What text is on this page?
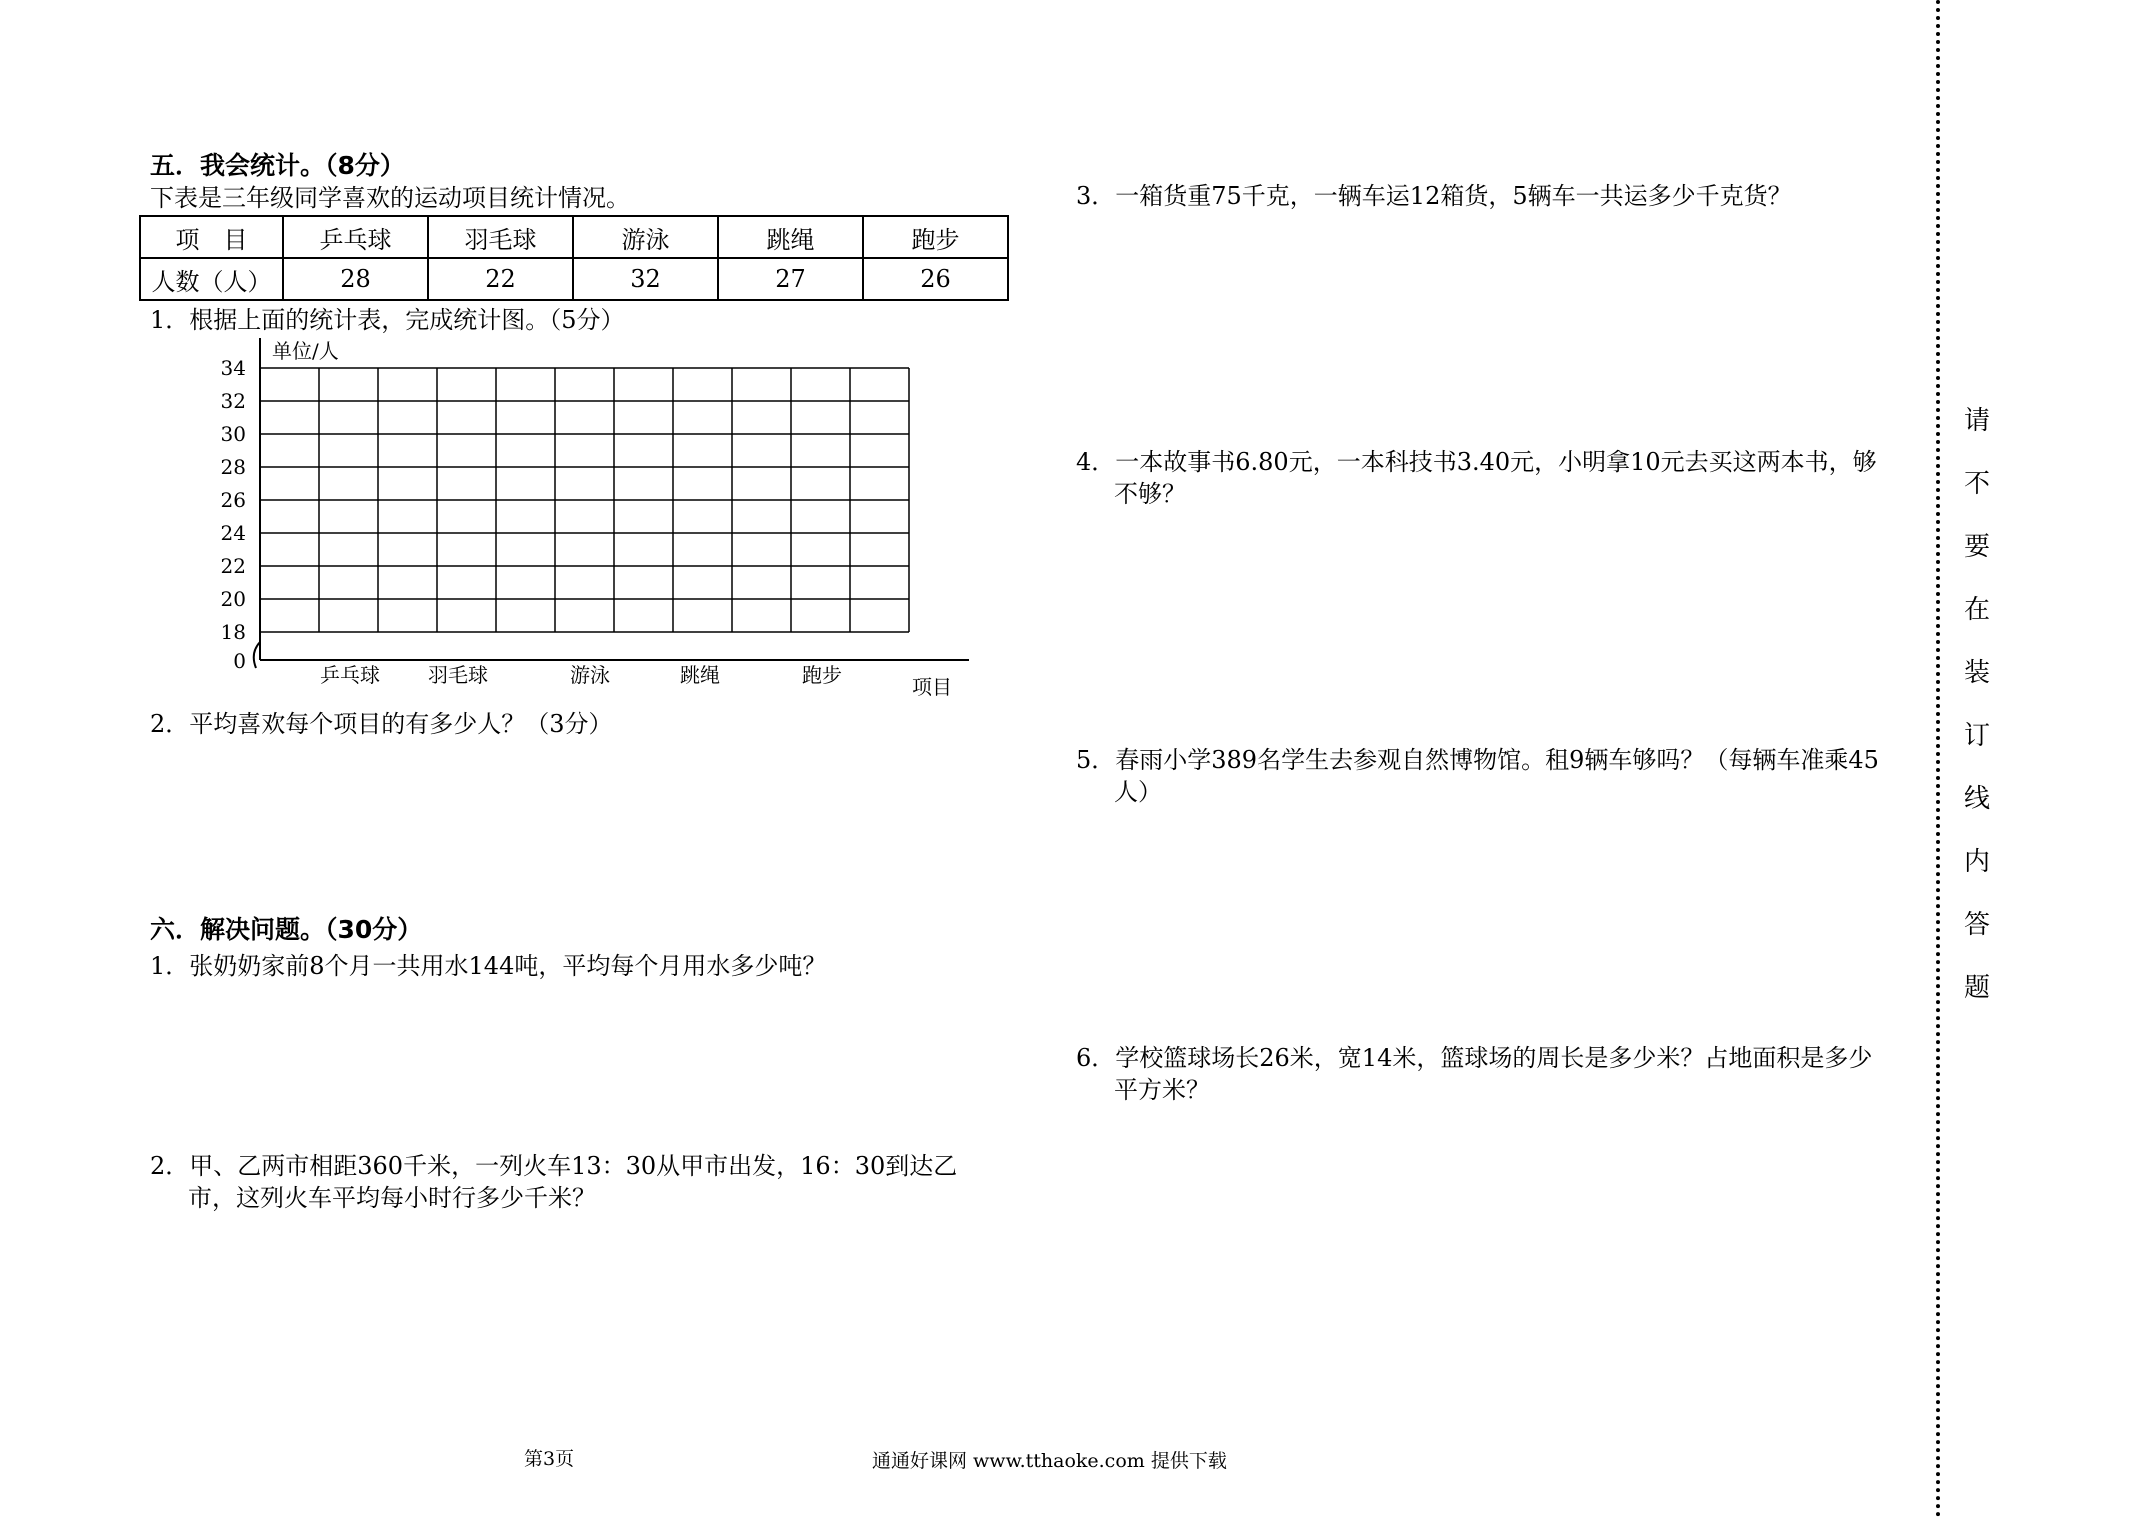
五．我会统计。（8分）
下表是三年级同学喜欢的运动项目统计情况。
项　目	乒乓球	羽毛球	游泳	跳绳	跑步
人数（人）	28	22	32	27	26
1．根据上面的统计表，完成统计图。（5分）
0
18
20
22
24
26
28
30
32
34
乒乓球 羽毛球	游泳	跳绳	跑步
单位/人
项目
2．平均喜欢每个项目的有多少人？（3分）
六．解决问题。（30分）
1．张奶奶家前8个月一共用水144吨，平均每个月用水多少吨？
2．甲、乙两市相距360千米，一列火车13：30从甲市出发，16：30到达乙
市，这列火车平均每小时行多少千米？
3．一箱货重75千克，一辆车运12箱货，5辆车一共运多少千克货？
4．一本故事书6.80元，一本科技书3.40元，小明拿10元去买这两本书，够
不够？
5．春雨小学389名学生去参观自然博物馆。租9辆车够吗？（每辆车准乘45
人）
6．学校篮球场长26米，宽14米，篮球场的周长是多少米？占地面积是多少
平方米？
请
不
要
在
装
订
线
内
答
题
第3页	通通好课网 www.tthaoke.com 提供下载
